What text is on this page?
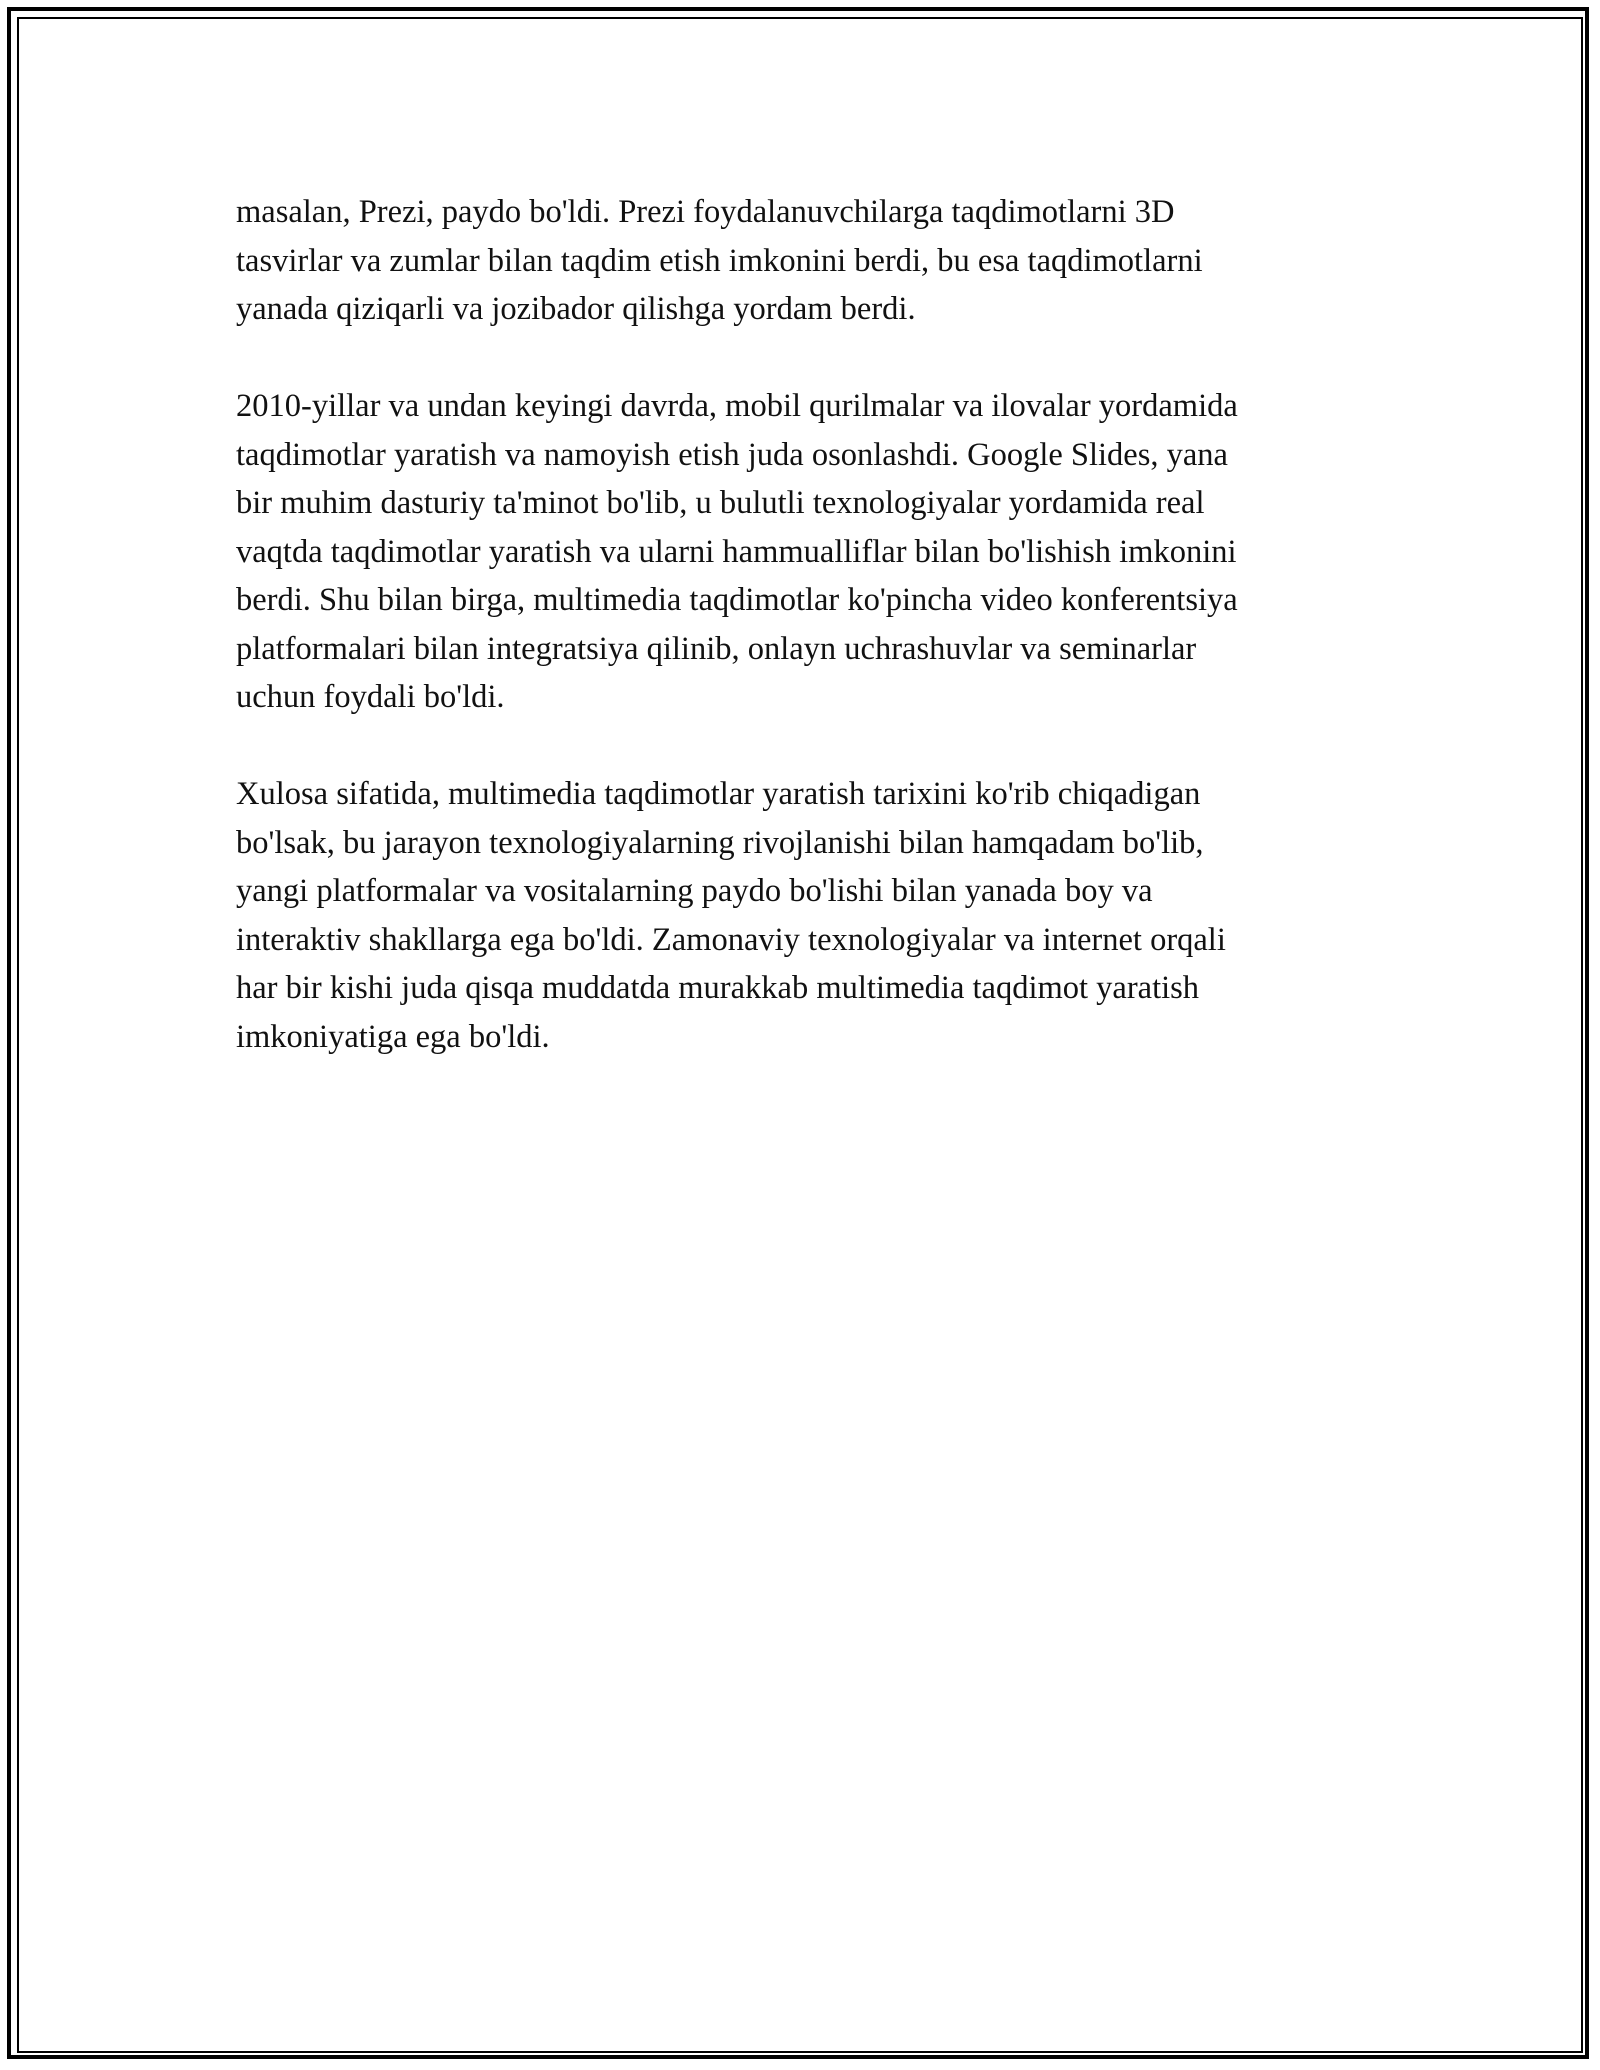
masalan, Prezi, paydo bo'ldi. Prezi foydalanuvchilarga taqdimotlarni 3D
tasvirlar va zumlar bilan taqdim etish imkonini berdi, bu esa taqdimotlarni
yanada qiziqarli va jozibador qilishga yordam berdi.

2010-yillar va undan keyingi davrda, mobil qurilmalar va ilovalar yordamida
taqdimotlar yaratish va namoyish etish juda osonlashdi. Google Slides, yana
bir muhim dasturiy ta'minot bo'lib, u bulutli texnologiyalar yordamida real
vaqtda taqdimotlar yaratish va ularni hammualliflar bilan bo'lishish imkonini
berdi. Shu bilan birga, multimedia taqdimotlar ko'pincha video konferentsiya
platformalari bilan integratsiya qilinib, onlayn uchrashuvlar va seminarlar
uchun foydali bo'ldi.

Xulosa sifatida, multimedia taqdimotlar yaratish tarixini ko'rib chiqadigan
bo'lsak, bu jarayon texnologiyalarning rivojlanishi bilan hamqadam bo'lib,
yangi platformalar va vositalarning paydo bo'lishi bilan yanada boy va
interaktiv shakllarga ega bo'ldi. Zamonaviy texnologiyalar va internet orqali
har bir kishi juda qisqa muddatda murakkab multimedia taqdimot yaratish
imkoniyatiga ega bo'ldi.
